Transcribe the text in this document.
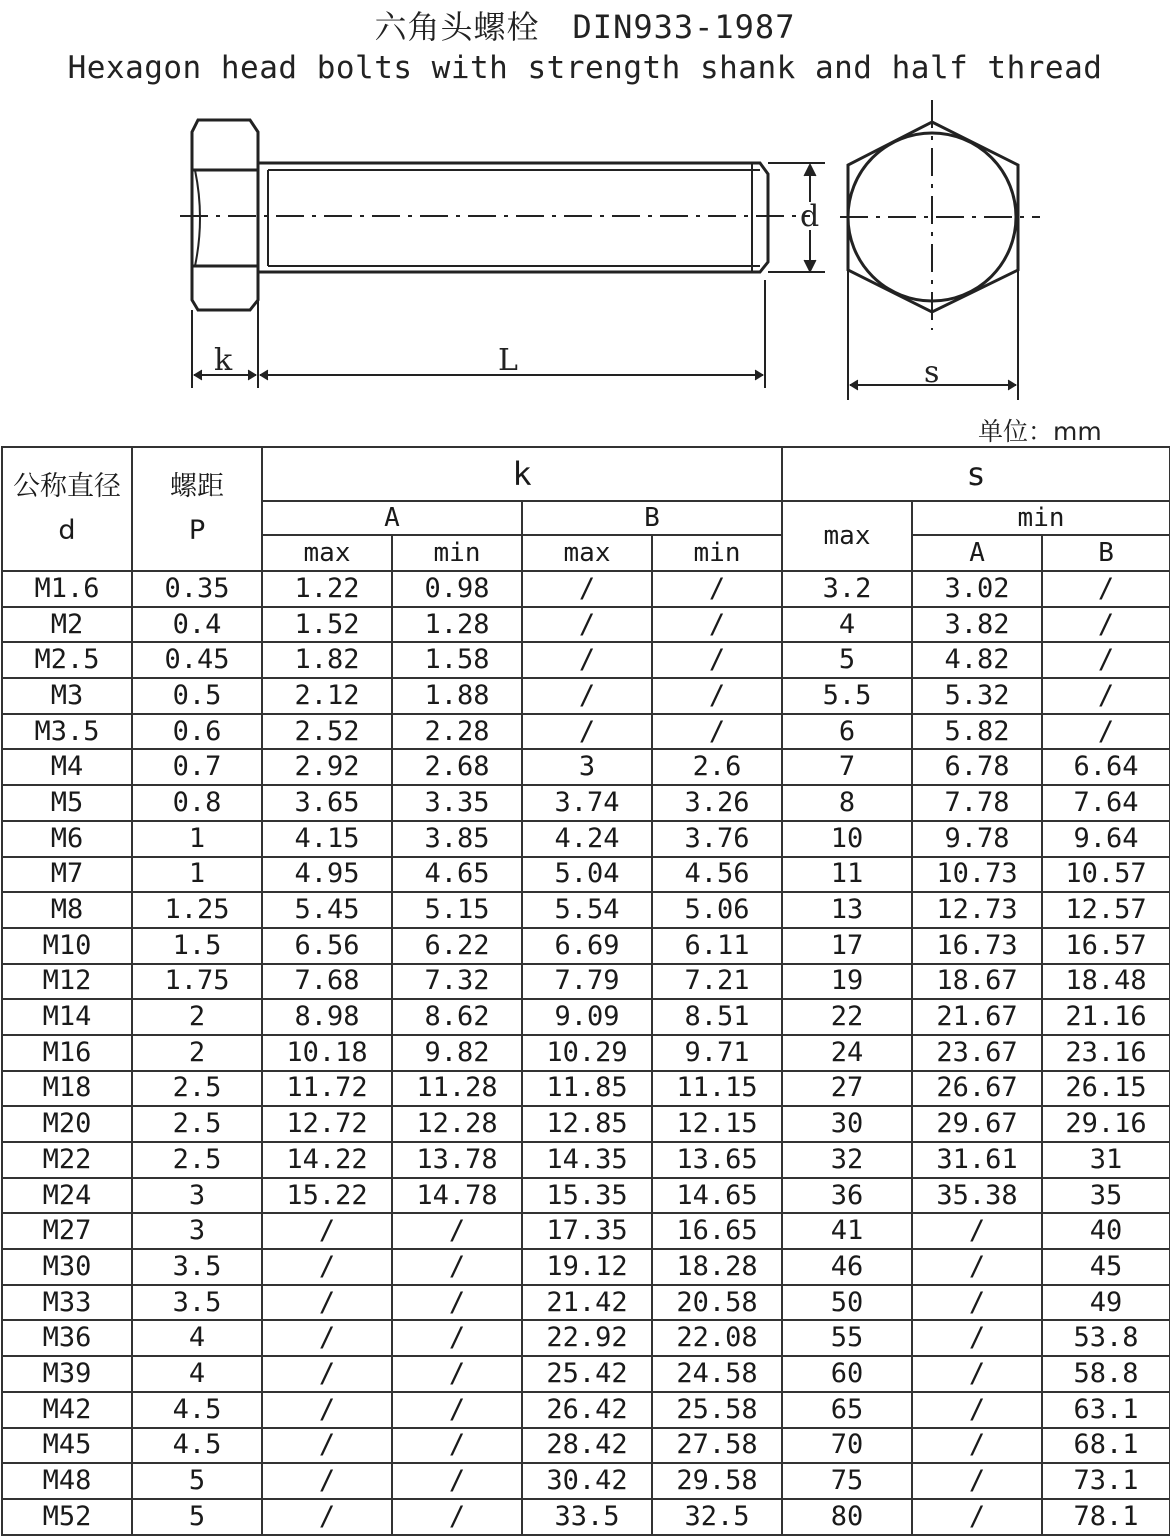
六角头螺栓　DIN933-1987
Hexagon head bolts with strength shank and half thread
k	L
d
s
单位：mm
公称直径
d	螺距
P	k				s		
		A		B		max	min	
		max	min	max	min		A	B
M1.6	0.35	1.22	0.98	/	/	3.2	3.02	/
M2	0.4	1.52	1.28	/	/	4	3.82	/
M2.5	0.45	1.82	1.58	/	/	5	4.82	/
M3	0.5	2.12	1.88	/	/	5.5	5.32	/
M3.5	0.6	2.52	2.28	/	/	6	5.82	/
M4	0.7	2.92	2.68	3	2.6	7	6.78	6.64
M5	0.8	3.65	3.35	3.74	3.26	8	7.78	7.64
M6	1	4.15	3.85	4.24	3.76	10	9.78	9.64
M7	1	4.95	4.65	5.04	4.56	11	10.73	10.57
M8	1.25	5.45	5.15	5.54	5.06	13	12.73	12.57
M10	1.5	6.56	6.22	6.69	6.11	17	16.73	16.57
M12	1.75	7.68	7.32	7.79	7.21	19	18.67	18.48
M14	2	8.98	8.62	9.09	8.51	22	21.67	21.16
M16	2	10.18	9.82	10.29	9.71	24	23.67	23.16
M18	2.5	11.72	11.28	11.85	11.15	27	26.67	26.15
M20	2.5	12.72	12.28	12.85	12.15	30	29.67	29.16
M22	2.5	14.22	13.78	14.35	13.65	32	31.61	31
M24	3	15.22	14.78	15.35	14.65	36	35.38	35
M27	3	/	/	17.35	16.65	41	/	40
M30	3.5	/	/	19.12	18.28	46	/	45
M33	3.5	/	/	21.42	20.58	50	/	49
M36	4	/	/	22.92	22.08	55	/	53.8
M39	4	/	/	25.42	24.58	60	/	58.8
M42	4.5	/	/	26.42	25.58	65	/	63.1
M45	4.5	/	/	28.42	27.58	70	/	68.1
M48	5	/	/	30.42	29.58	75	/	73.1
M52	5	/	/	33.5	32.5	80	/	78.1
